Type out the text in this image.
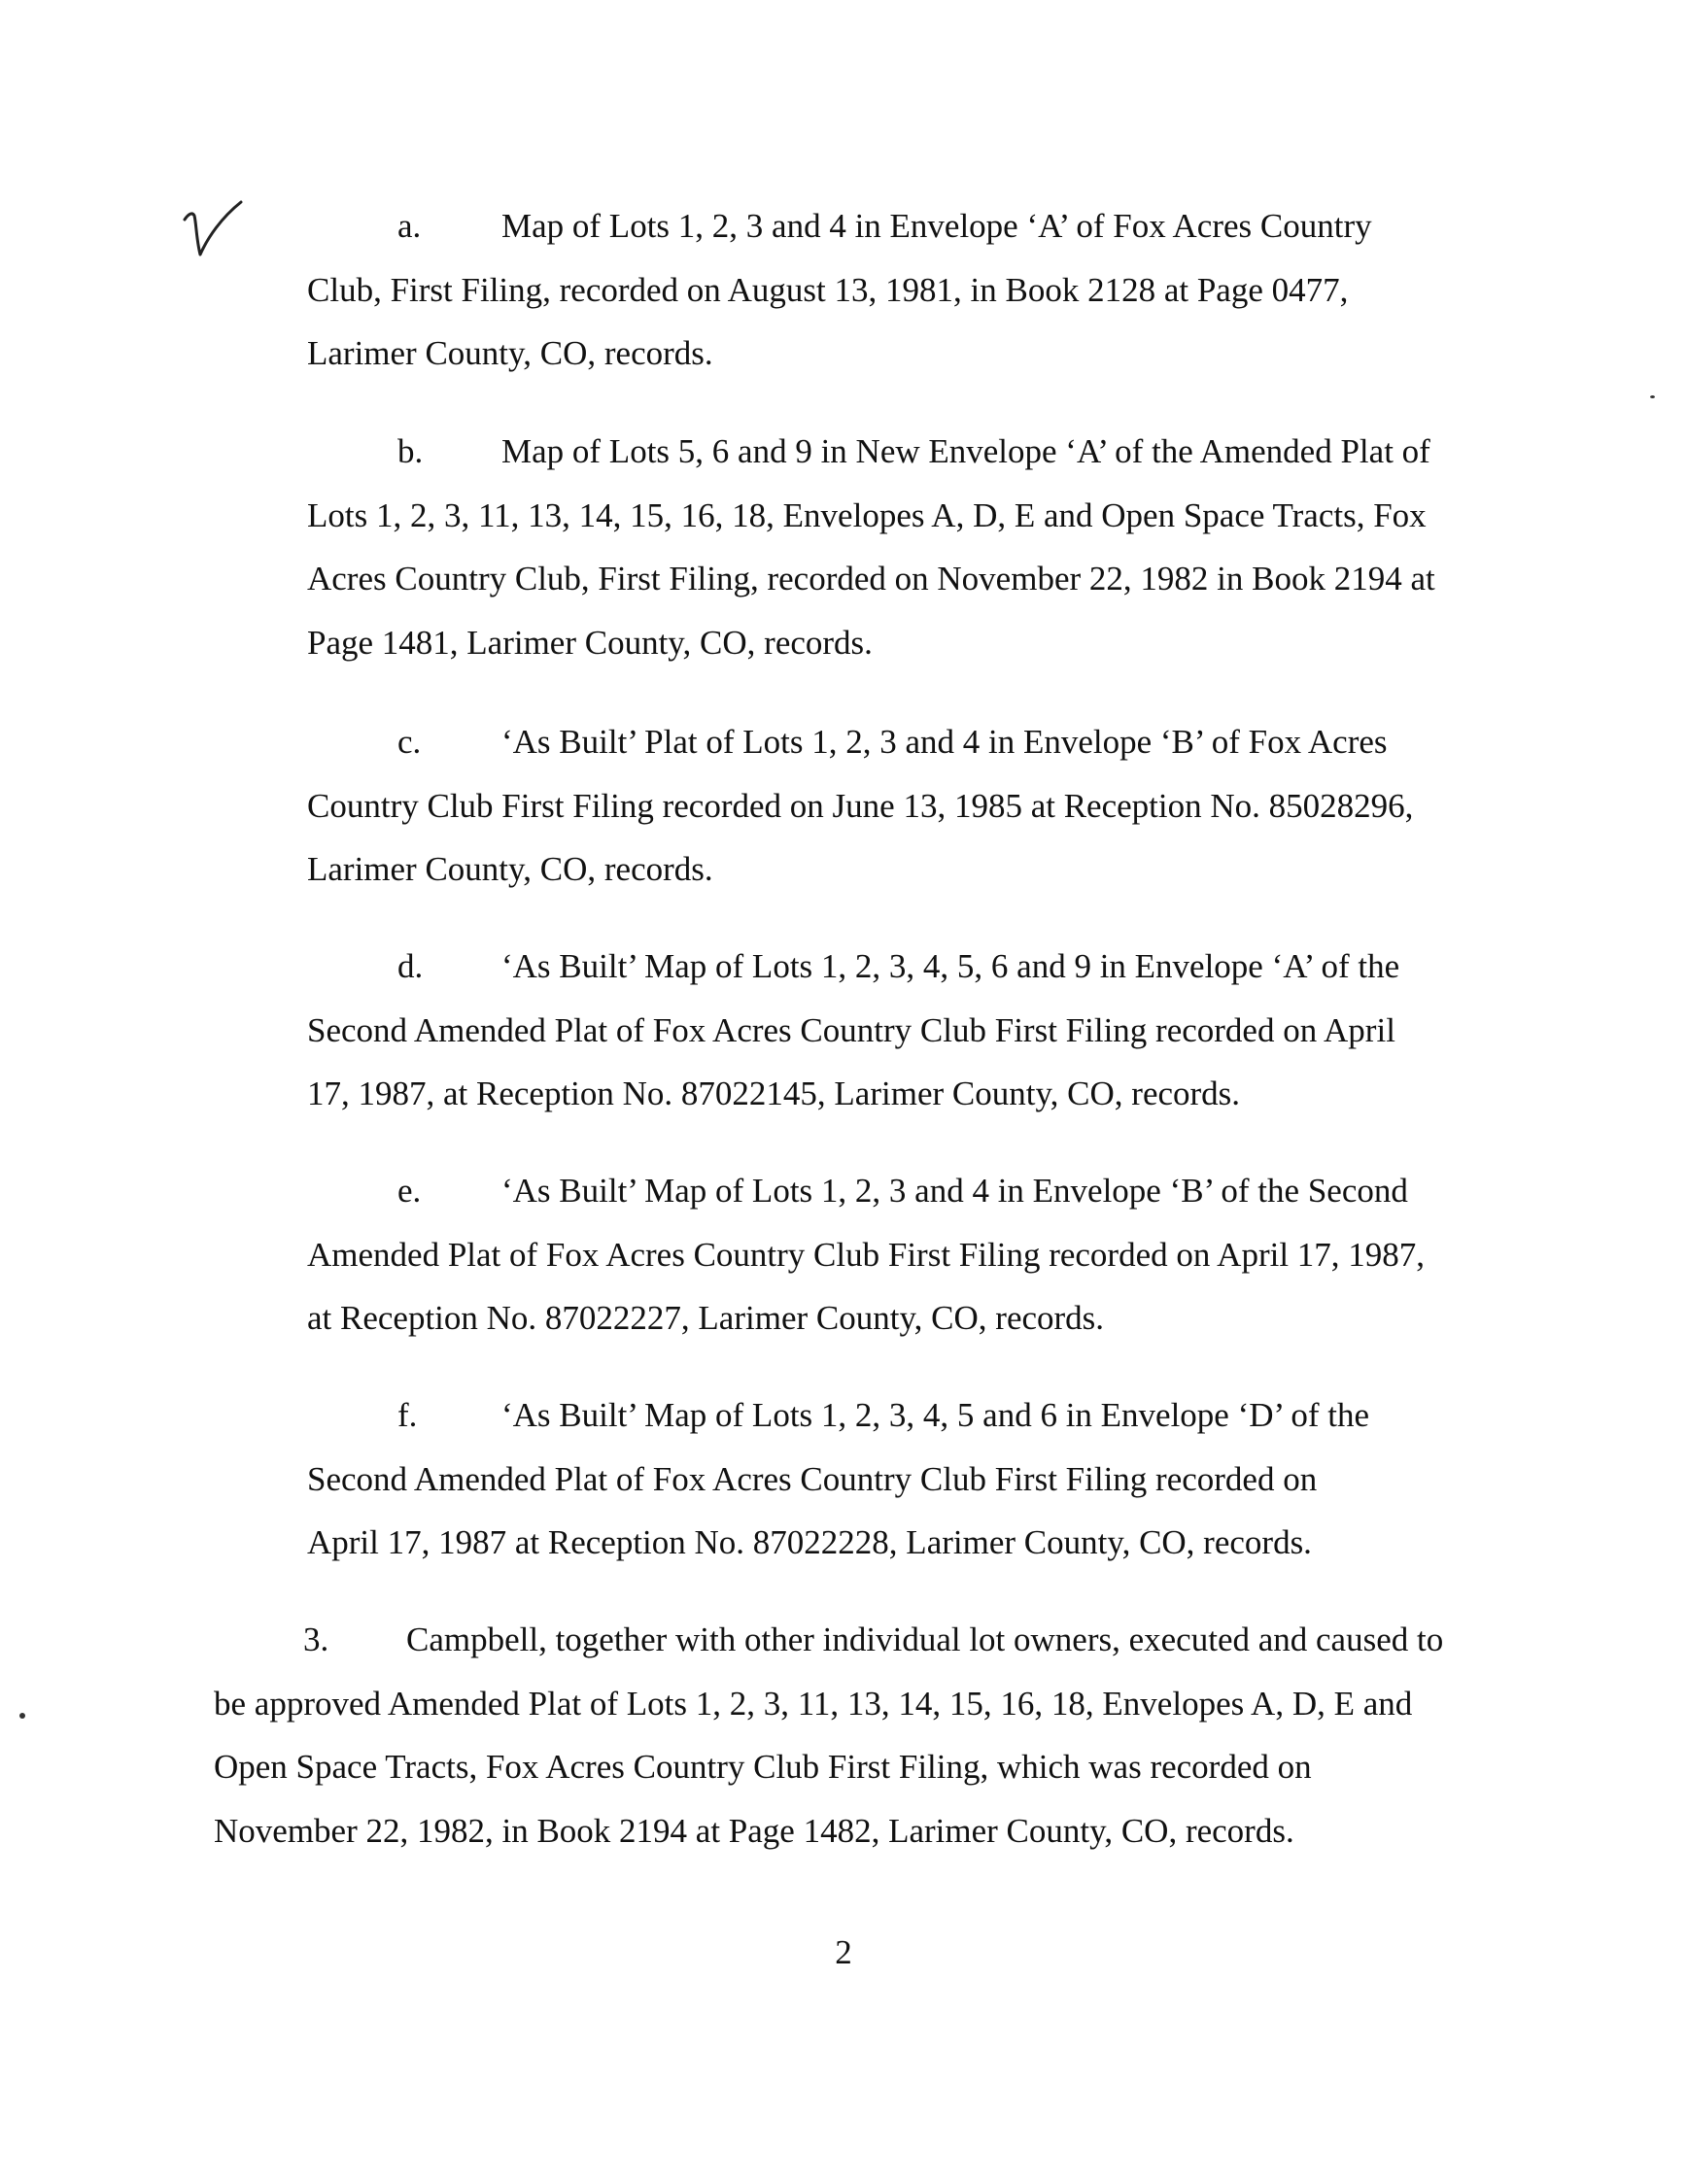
a. Map of Lots 1, 2, 3 and 4 in Envelope ‘A’ of Fox Acres Country
Club, First Filing, recorded on August 13, 1981, in Book 2128 at Page 0477,
Larimer County, CO, records.
b. Map of Lots 5, 6 and 9 in New Envelope ‘A’ of the Amended Plat of
Lots 1, 2, 3, 11, 13, 14, 15, 16, 18, Envelopes A, D, E and Open Space Tracts, Fox
Acres Country Club, First Filing, recorded on November 22, 1982 in Book 2194 at
Page 1481, Larimer County, CO, records.
c. ‘As Built’ Plat of Lots 1, 2, 3 and 4 in Envelope ‘B’ of Fox Acres
Country Club First Filing recorded on June 13, 1985 at Reception No. 85028296,
Larimer County, CO, records.
d. ‘As Built’ Map of Lots 1, 2, 3, 4, 5, 6 and 9 in Envelope ‘A’ of the
Second Amended Plat of Fox Acres Country Club First Filing recorded on April
17, 1987, at Reception No. 87022145, Larimer County, CO, records.
e. ‘As Built’ Map of Lots 1, 2, 3 and 4 in Envelope ‘B’ of the Second
Amended Plat of Fox Acres Country Club First Filing recorded on April 17, 1987,
at Reception No. 87022227, Larimer County, CO, records.
f. ‘As Built’ Map of Lots 1, 2, 3, 4, 5 and 6 in Envelope ‘D’ of the
Second Amended Plat of Fox Acres Country Club First Filing recorded on
April 17, 1987 at Reception No. 87022228, Larimer County, CO, records.
3. Campbell, together with other individual lot owners, executed and caused to
be approved Amended Plat of Lots 1, 2, 3, 11, 13, 14, 15, 16, 18, Envelopes A, D, E and
Open Space Tracts, Fox Acres Country Club First Filing, which was recorded on
November 22, 1982, in Book 2194 at Page 1482, Larimer County, CO, records.
2
